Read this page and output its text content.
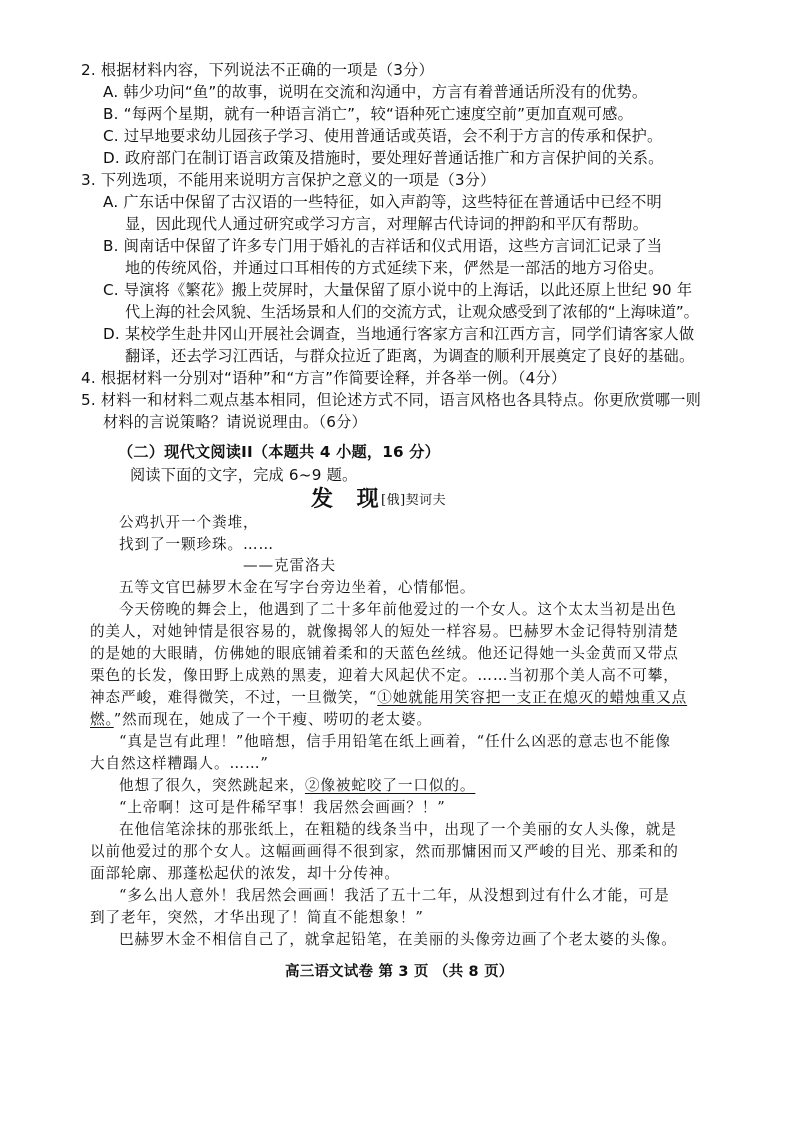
2. 根据材料内容，下列说法不正确的一项是（3分）
A. 韩少功问“鱼”的故事，说明在交流和沟通中，方言有着普通话所没有的优势。
B. “每两个星期，就有一种语言消亡”，较“语种死亡速度空前”更加直观可感。
C. 过早地要求幼儿园孩子学习、使用普通话或英语，会不利于方言的传承和保护。
D. 政府部门在制订语言政策及措施时，要处理好普通话推广和方言保护间的关系。
3. 下列选项，不能用来说明方言保护之意义的一项是（3分）
A. 广东话中保留了古汉语的一些特征，如入声韵等，这些特征在普通话中已经不明
显，因此现代人通过研究或学习方言，对理解古代诗词的押韵和平仄有帮助。
B. 闽南话中保留了许多专门用于婚礼的吉祥话和仪式用语，这些方言词汇记录了当
地的传统风俗，并通过口耳相传的方式延续下来，俨然是一部活的地方习俗史。
C. 导演将《繁花》搬上荧屏时，大量保留了原小说中的上海话，以此还原上世纪 90 年
代上海的社会风貌、生活场景和人们的交流方式，让观众感受到了浓郁的“上海味道”。
D. 某校学生赴井冈山开展社会调查，当地通行客家方言和江西方言，同学们请客家人做
翻译，还去学习江西话，与群众拉近了距离，为调查的顺利开展奠定了良好的基础。
4. 根据材料一分别对“语种”和“方言”作简要诠释，并各举一例。（4分）
5. 材料一和材料二观点基本相同，但论述方式不同，语言风格也各具特点。你更欣赏哪一则
材料的言说策略？请说说理由。（6分）
（二）现代文阅读II（本题共 4 小题，16 分）
阅读下面的文字，完成 6~9 题。
发 现
[俄]契诃夫
公鸡扒开一个粪堆，
找到了一颗珍珠。……
——克雷洛夫
五等文官巴赫罗木金在写字台旁边坐着，心情郁悒。
今天傍晚的舞会上，他遇到了二十多年前他爱过的一个女人。这个太太当初是出色
的美人，对她钟情是很容易的，就像揭邻人的短处一样容易。巴赫罗木金记得特别清楚
的是她的大眼睛，仿佛她的眼底铺着柔和的天蓝色丝绒。他还记得她一头金黄而又带点
栗色的长发，像田野上成熟的黑麦，迎着大风起伏不定。……当初那个美人高不可攀，
神态严峻，难得微笑，不过，一旦微笑，“①她就能用笑容把一支正在熄灭的蜡烛重又点
燃。”然而现在，她成了一个干瘦、唠叨的老太婆。
“真是岂有此理！”他暗想，信手用铅笔在纸上画着，“任什么凶恶的意志也不能像
大自然这样糟蹋人。……”
他想了很久，突然跳起来，②像被蛇咬了一口似的。
“上帝啊！这可是件稀罕事！我居然会画画？！”
在他信笔涂抹的那张纸上，在粗糙的线条当中，出现了一个美丽的女人头像，就是
以前他爱过的那个女人。这幅画画得不很到家，然而那慵困而又严峻的目光、那柔和的
面部轮廓、那蓬松起伏的浓发，却十分传神。
“多么出人意外！我居然会画画！我活了五十二年，从没想到过有什么才能，可是
到了老年，突然，才华出现了！简直不能想象！”
巴赫罗木金不相信自己了，就拿起铅笔，在美丽的头像旁边画了个老太婆的头像。
高三语文试卷 第 3 页 （共 8 页）
